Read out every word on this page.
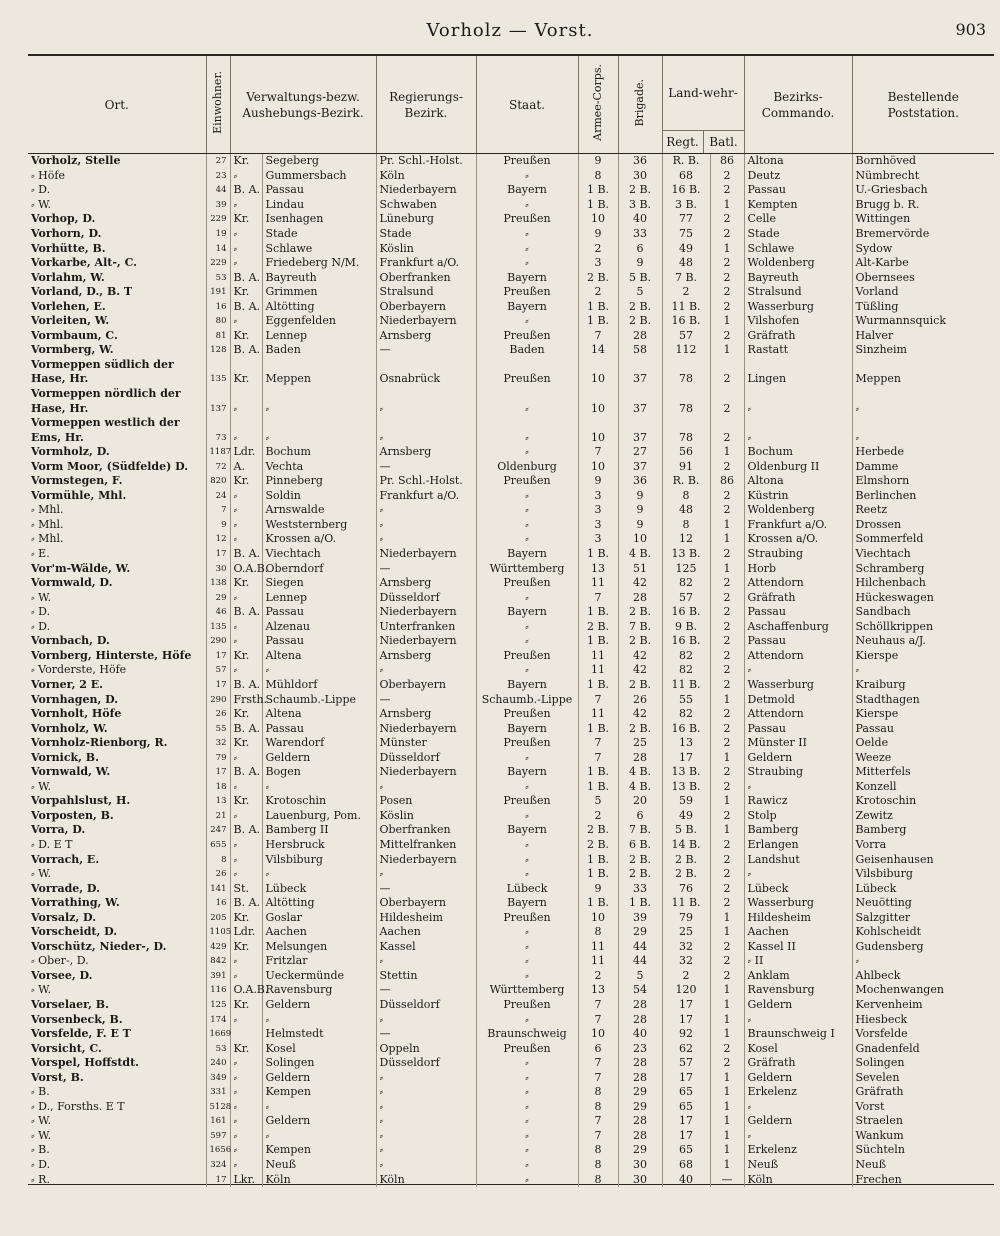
Vorholz — Vorst.	903
Ort.	Einwohner.	Verwaltungs-bezw. Aushebungs-Bezirk.		Regierungs-Bezirk.	Staat.	Armee-Corps.	Brigade.	Land-wehr-
Regt. Batl.		Bezirks-Commando.	Bestellende Poststation.
Vorholz, Stelle	27	Kr.	Segeberg	Pr. Schl.-Holst.	Preußen	9	36	R. B.	86	Altona	Bornhöved
⸗ Höfe	23	⸗	Gummersbach	Köln	⸗	8	30	68	2	Deutz	Nümbrecht
⸗ D.	44	B. A.	Passau	Niederbayern	Bayern	1 B.	2 B.	16 B.	2	Passau	U.-Griesbach
⸗ W.	39	⸗	Lindau	Schwaben	⸗	1 B.	3 B.	3 B.	1	Kempten	Brugg b. R.
Vorhop, D.	229	Kr.	Isenhagen	Lüneburg	Preußen	10	40	77	2	Celle	Wittingen
Vorhorn, D.	19	⸗	Stade	Stade	⸗	9	33	75	2	Stade	Bremervörde
Vorhütte, B.	14	⸗	Schlawe	Köslin	⸗	2	6	49	1	Schlawe	Sydow
Vorkarbe, Alt-, C.	229	⸗	Friedeberg N/M.	Frankfurt a/O.	⸗	3	9	48	2	Woldenberg	Alt-Karbe
Vorlahm, W.	53	B. A.	Bayreuth	Oberfranken	Bayern	2 B.	5 B.	7 B.	2	Bayreuth	Obernsees
Vorland, D., B. T	191	Kr.	Grimmen	Stralsund	Preußen	2	5	2	2	Stralsund	Vorland
Vorlehen, E.	16	B. A.	Altötting	Oberbayern	Bayern	1 B.	2 B.	11 B.	2	Wasserburg	Tüßling
Vorleiten, W.	80	⸗	Eggenfelden	Niederbayern	⸗	1 B.	2 B.	16 B.	1	Vilshofen	Wurmannsquick
Vormbaum, C.	81	Kr.	Lennep	Arnsberg	Preußen	7	28	57	2	Gräfrath	Halver
Vormberg, W.	128	B. A.	Baden	—	Baden	14	58	112	1	Rastatt	Sinzheim
Vormeppen südlich der											
Hase, Hr.	135	Kr.	Meppen	Osnabrück	Preußen	10	37	78	2	Lingen	Meppen
Vormeppen nördlich der											
Hase, Hr.	137	⸗	⸗	⸗	⸗	10	37	78	2	⸗	⸗
Vormeppen westlich der											
Ems, Hr.	73	⸗	⸗	⸗	⸗	10	37	78	2	⸗	⸗
Vormholz, D.	1187	Ldr.	Bochum	Arnsberg	⸗	7	27	56	1	Bochum	Herbede
Vorm Moor, (Südfelde) D.	72	A.	Vechta	—	Oldenburg	10	37	91	2	Oldenburg II	Damme
Vormstegen, F.	820	Kr.	Pinneberg	Pr. Schl.-Holst.	Preußen	9	36	R. B.	86	Altona	Elmshorn
Vormühle, Mhl.	24	⸗	Soldin	Frankfurt a/O.	⸗	3	9	8	2	Küstrin	Berlinchen
⸗ Mhl.	7	⸗	Arnswalde	⸗	⸗	3	9	48	2	Woldenberg	Reetz
⸗ Mhl.	9	⸗	Weststernberg	⸗	⸗	3	9	8	1	Frankfurt a/O.	Drossen
⸗ Mhl.	12	⸗	Krossen a/O.	⸗	⸗	3	10	12	1	Krossen a/O.	Sommerfeld
⸗ E.	17	B. A.	Viechtach	Niederbayern	Bayern	1 B.	4 B.	13 B.	2	Straubing	Viechtach
Vor'm-Wälde, W.	30	O.A.B.	Oberndorf	—	Württemberg	13	51	125	1	Horb	Schramberg
Vormwald, D.	138	Kr.	Siegen	Arnsberg	Preußen	11	42	82	2	Attendorn	Hilchenbach
⸗ W.	29	⸗	Lennep	Düsseldorf	⸗	7	28	57	2	Gräfrath	Hückeswagen
⸗ D.	46	B. A.	Passau	Niederbayern	Bayern	1 B.	2 B.	16 B.	2	Passau	Sandbach
⸗ D.	135	⸗	Alzenau	Unterfranken	⸗	2 B.	7 B.	9 B.	2	Aschaffenburg	Schöllkrippen
Vornbach, D.	290	⸗	Passau	Niederbayern	⸗	1 B.	2 B.	16 B.	2	Passau	Neuhaus a/J.
Vornberg, Hinterste, Höfe	17	Kr.	Altena	Arnsberg	Preußen	11	42	82	2	Attendorn	Kierspe
⸗ Vorderste, Höfe	57	⸗	⸗	⸗	⸗	11	42	82	2	⸗	⸗
Vorner, 2 E.	17	B. A.	Mühldorf	Oberbayern	Bayern	1 B.	2 B.	11 B.	2	Wasserburg	Kraiburg
Vornhagen, D.	290	Frsth.	Schaumb.-Lippe	—	Schaumb.-Lippe	7	26	55	1	Detmold	Stadthagen
Vornholt, Höfe	26	Kr.	Altena	Arnsberg	Preußen	11	42	82	2	Attendorn	Kierspe
Vornholz, W.	55	B. A.	Passau	Niederbayern	Bayern	1 B.	2 B.	16 B.	2	Passau	Passau
Vornholz-Rienborg, R.	32	Kr.	Warendorf	Münster	Preußen	7	25	13	2	Münster II	Oelde
Vornick, B.	79	⸗	Geldern	Düsseldorf	⸗	7	28	17	1	Geldern	Weeze
Vornwald, W.	17	B. A.	Bogen	Niederbayern	Bayern	1 B.	4 B.	13 B.	2	Straubing	Mitterfels
⸗ W.	18	⸗	⸗	⸗	⸗	1 B.	4 B.	13 B.	2	⸗	Konzell
Vorpahlslust, H.	13	Kr.	Krotoschin	Posen	Preußen	5	20	59	1	Rawicz	Krotoschin
Vorposten, B.	21	⸗	Lauenburg, Pom.	Köslin	⸗	2	6	49	2	Stolp	Zewitz
Vorra, D.	247	B. A.	Bamberg II	Oberfranken	Bayern	2 B.	7 B.	5 B.	1	Bamberg	Bamberg
⸗ D. E T	655	⸗	Hersbruck	Mittelfranken	⸗	2 B.	6 B.	14 B.	2	Erlangen	Vorra
Vorrach, E.	8	⸗	Vilsbiburg	Niederbayern	⸗	1 B.	2 B.	2 B.	2	Landshut	Geisenhausen
⸗ W.	26	⸗	⸗	⸗	⸗	1 B.	2 B.	2 B.	2	⸗	Vilsbiburg
Vorrade, D.	141	St.	Lübeck	—	Lübeck	9	33	76	2	Lübeck	Lübeck
Vorrathing, W.	16	B. A.	Altötting	Oberbayern	Bayern	1 B.	1 B.	11 B.	2	Wasserburg	Neuötting
Vorsalz, D.	205	Kr.	Goslar	Hildesheim	Preußen	10	39	79	1	Hildesheim	Salzgitter
Vorscheidt, D.	1105	Ldr.	Aachen	Aachen	⸗	8	29	25	1	Aachen	Kohlscheidt
Vorschütz, Nieder-, D.	429	Kr.	Melsungen	Kassel	⸗	11	44	32	2	Kassel II	Gudensberg
⸗ Ober-, D.	842	⸗	Fritzlar	⸗	⸗	11	44	32	2	⸗ II	⸗
Vorsee, D.	391	⸗	Ueckermünde	Stettin	⸗	2	5	2	2	Anklam	Ahlbeck
⸗ W.	116	O.A.B.	Ravensburg	—	Württemberg	13	54	120	1	Ravensburg	Mochenwangen
Vorselaer, B.	125	Kr.	Geldern	Düsseldorf	Preußen	7	28	17	1	Geldern	Kervenheim
Vorsenbeck, B.	174	⸗	⸗	⸗	⸗	7	28	17	1	⸗	Hiesbeck
Vorsfelde, F. E T	1669		Helmstedt	—	Braunschweig	10	40	92	1	Braunschweig I	Vorsfelde
Vorsicht, C.	53	Kr.	Kosel	Oppeln	Preußen	6	23	62	2	Kosel	Gnadenfeld
Vorspel, Hoffstdt.	240	⸗	Solingen	Düsseldorf	⸗	7	28	57	2	Gräfrath	Solingen
Vorst, B.	349	⸗	Geldern	⸗	⸗	7	28	17	1	Geldern	Sevelen
⸗ B.	331	⸗	Kempen	⸗	⸗	8	29	65	1	Erkelenz	Gräfrath
⸗ D., Forsths. E T	5128	⸗	⸗	⸗	⸗	8	29	65	1	⸗	Vorst
⸗ W.	161	⸗	Geldern	⸗	⸗	7	28	17	1	Geldern	Straelen
⸗ W.	597	⸗	⸗	⸗	⸗	7	28	17	1	⸗	Wankum
⸗ B.	1656	⸗	Kempen	⸗	⸗	8	29	65	1	Erkelenz	Süchteln
⸗ D.	324	⸗	Neuß	⸗	⸗	8	30	68	1	Neuß	Neuß
⸗ R.	17	Lkr.	Köln	Köln	⸗	8	30	40	—	Köln	Frechen
